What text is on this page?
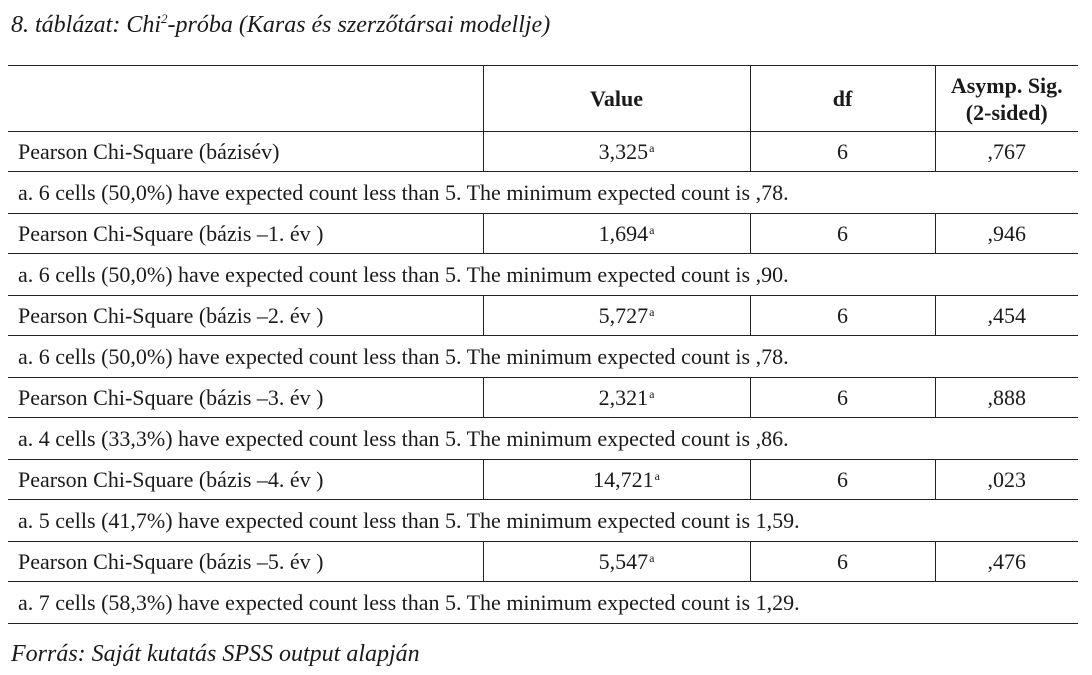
8. táblázat: Chi$^2$-próba (Karas és szerzőtársai modellje)
	Value	df	Asymp. Sig.
(2-sided)
Pearson Chi-Square (bázisév)	3,325$^a$	6	,767
a. 6 cells (50,0%) have expected count less than 5. The minimum expected count is ,78.			
Pearson Chi-Square (bázis –1. év )	1,694$^a$	6	,946
a. 6 cells (50,0%) have expected count less than 5. The minimum expected count is ,90.			
Pearson Chi-Square (bázis –2. év )	5,727$^a$	6	,454
a. 6 cells (50,0%) have expected count less than 5. The minimum expected count is ,78.			
Pearson Chi-Square (bázis –3. év )	2,321$^a$	6	,888
a. 4 cells (33,3%) have expected count less than 5. The minimum expected count is ,86.			
Pearson Chi-Square (bázis –4. év )	14,721$^a$	6	,023
a. 5 cells (41,7%) have expected count less than 5. The minimum expected count is 1,59.			
Pearson Chi-Square (bázis –5. év )	5,547$^a$	6	,476
a. 7 cells (58,3%) have expected count less than 5. The minimum expected count is 1,29.			
Forrás: Saját kutatás SPSS output alapján
